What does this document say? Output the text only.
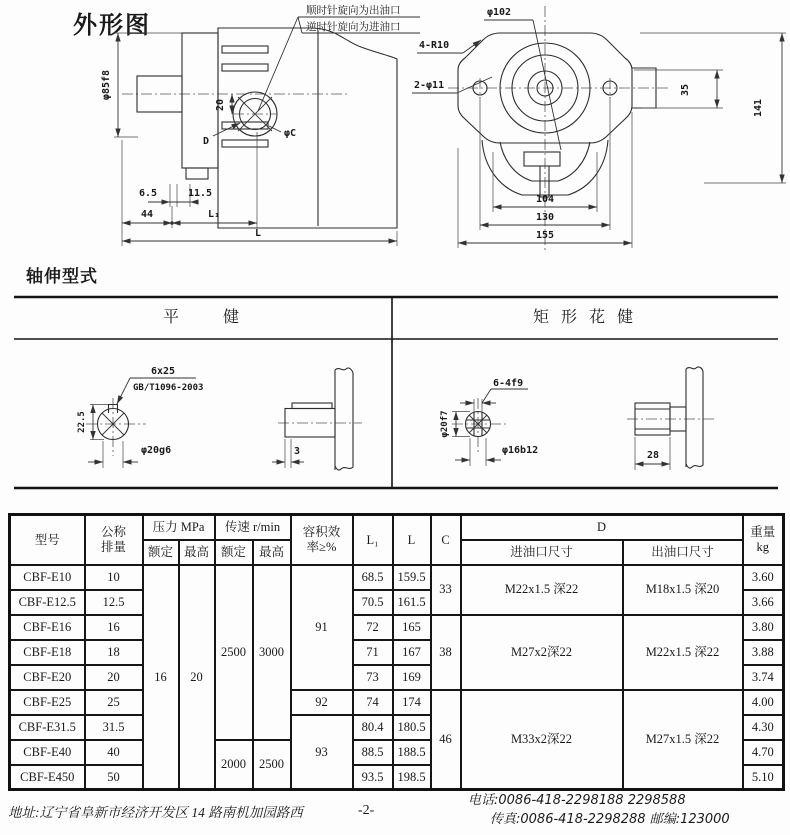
外形图
20
φ85f8
D
φC
顺时针旋向为出油口
逆时针旋向为进油口
6.5	11.5
44	L₁
L
φ102
4-R10
2-φ11	35
141
104
130
155
轴伸型式
平　　健	矩 形 花 健
22.5
6x25
GB/T1096-2003
φ20g6	3
6-4f9
φ20f7
φ16b12	28
型号	
公称
排量
	压力 MPa	传速 r/min	容积效
率≥%
	L₁	L	C	D	重量
kg

		额定	最高	额定	最高					进油口尺寸	出油口尺寸	
CBF-E10	10	16	20	2500	3000	91	68.5	159.5	33	M22x1.5 深22	M18x1.5 深20	3.60
CBF-E12.5	12.5						70.5	161.5				3.66
CBF-E16	16						72	165	38	M27x2深22	M22x1.5 深22	3.80
CBF-E18	18						71	167				3.88
CBF-E20	20						73	169				3.74
CBF-E25	25					92	74	174	46	M33x2深22	M27x1.5 深22	4.00
CBF-E31.5	31.5					93	80.4	180.5				4.30
CBF-E40	40			2000	2500		88.5	188.5				4.70
CBF-E450	50						93.5	198.5				5.10
地址:辽宁省阜新市经济开发区 14 路南机加园路西	-2-
电话:0086-418-2298188 2298588
传真:0086-418-2298288 邮编:123000
